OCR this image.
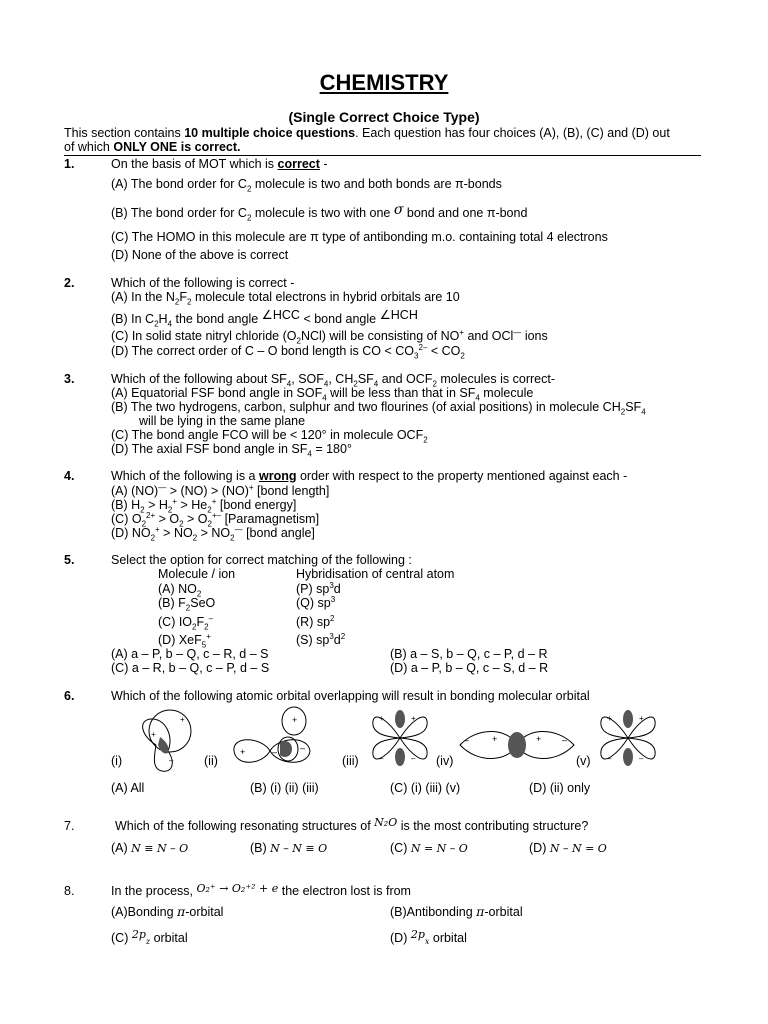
CHEMISTRY
(Single Correct Choice Type)
This section contains 10 multiple choice questions. Each question has four choices (A), (B), (C) and (D) out
of which ONLY ONE is correct.
1.	On the basis of MOT which is correct -
(A) The bond order for $C_2$ molecule is two and both bonds are π-bonds
(B) The bond order for $C_2$ molecule is two with one σ bond and one π-bond
(C) The HOMO in this molecule are π type of antibonding m.o. containing total 4 electrons
(D) None of the above is correct
2.	Which of the following is correct -
(A) In the $N_2F_2$ molecule total electrons in hybrid orbitals are 10
(B) In $C_2H_4$ the bond angle ∠HCC < bond angle ∠HCH
(C) In solid state nitryl chloride $(O_2NCl)$ will be consisting of NO+ and OCl— ions
(D) The correct order of C – O bond length is CO < $CO_3^{2-} < CO_2$
3.	Which of the following about $SF_4$, $SOF_4$, $CH_2SF_4$ and $OCF_2$ molecules is correct-
(A) Equatorial FSF bond angle in $SOF_4$ will be less than that in $SF_4$ molecule
(B) The two hydrogens, carbon, sulphur and two flourines (of axial positions) in molecule $CH_2SF_4$
will be lying in the same plane
(C) The bond angle FCO will be < 120° in molecule $OCF_2$
(D) The axial FSF bond angle in $SF_4 = 180^\circ$
4.	Which of the following is a wrong order with respect to the property mentioned against each -
(A) (NO)— > (NO) > (NO)+ [bond length]
(B) $H_2 > H_2^+ > He_2^+$ [bond energy]
(C) $O_2^{2+} > O_2 > O_2^{+-}$ [Paramagnetism]
(D) $NO_2^+ > NO_2 > NO_2^—$ [bond angle]
5.	Select the option for correct matching of the following :
Molecule / ion	Hybridisation of central atom
(A) $NO_2$	(P) $sp^3d$
(B) $F_2SeO$	(Q) $sp^3$
(C) $IO_2F_2^-$	(R) $sp^2$
(D) XeF$_5$+	(S) $sp^3d^2$
(A) a – P, b – Q, c – R, d – S	(B) a – S, b – Q, c – P, d – R
(C) a – R, b – Q, c – P, d – S	(D) a – P, b – Q, c – S, d – R
6.	Which of the following atomic orbital overlapping will result in bonding molecular orbital
+
+
–
(i)
+
+	–	–
(ii)
+	+
–	–
(iii)
–	+	+ –
(iv)
+	+
–	–
(v)
(A) All	(B) (i) (ii) (iii)	(C) (i) (iii) (v)	(D) (ii) only
7.	Which of the following resonating structures of N₂O is the most contributing structure?
(A) N ≡ N – O	(B) N – N ≡ O	(C) N = N – O	(D) N – N = O
8.	In the process, O₂⁺ → O₂⁺² + e the electron lost is from
(A)Bonding π-orbital	(B)Antibonding π-orbital
(C) $2p_z$ orbital	(D) $2p_x$ orbital
